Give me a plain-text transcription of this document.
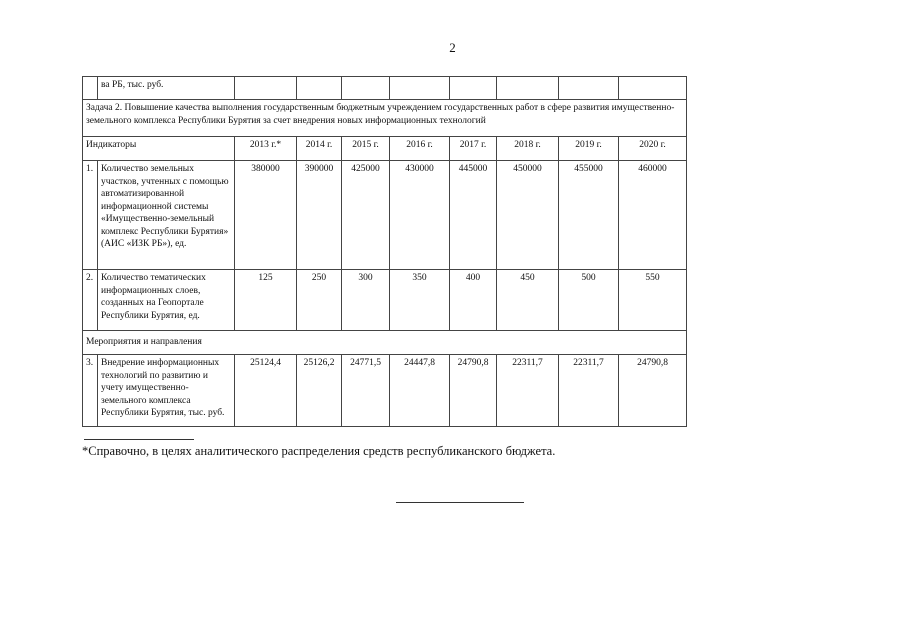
2
	ва РБ, тыс. руб.								
Задача 2. Повышение качества выполнения государственным бюджетным учреждением государственных работ в сфере развития имущественно-земельного комплекса Республики Бурятия за счет внедрения новых информационных технологий									
Индикаторы		2013 г.*	2014 г.	2015 г.	2016 г.	2017 г.	2018 г.	2019 г.	2020 г.
1.	Количество земельных участков, учтенных с помощью автоматизированной информационной системы «Имущественно-земельный комплекс Республики Бурятия» (АИС «ИЗК РБ»), ед.	380000	390000	425000	430000	445000	450000	455000	460000
2.	Количество тематических информационных слоев, созданных на Геопортале Республики Бурятия, ед.	125	250	300	350	400	450	500	550
Мероприятия и направления									
3.	Внедрение информационных технологий по развитию и учету имущественно-земельного комплекса Республики Бурятия, тыс. руб.	25124,4	25126,2	24771,5	24447,8	24790,8	22311,7	22311,7	24790,8
*Справочно, в целях аналитического распределения средств республиканского бюджета.
